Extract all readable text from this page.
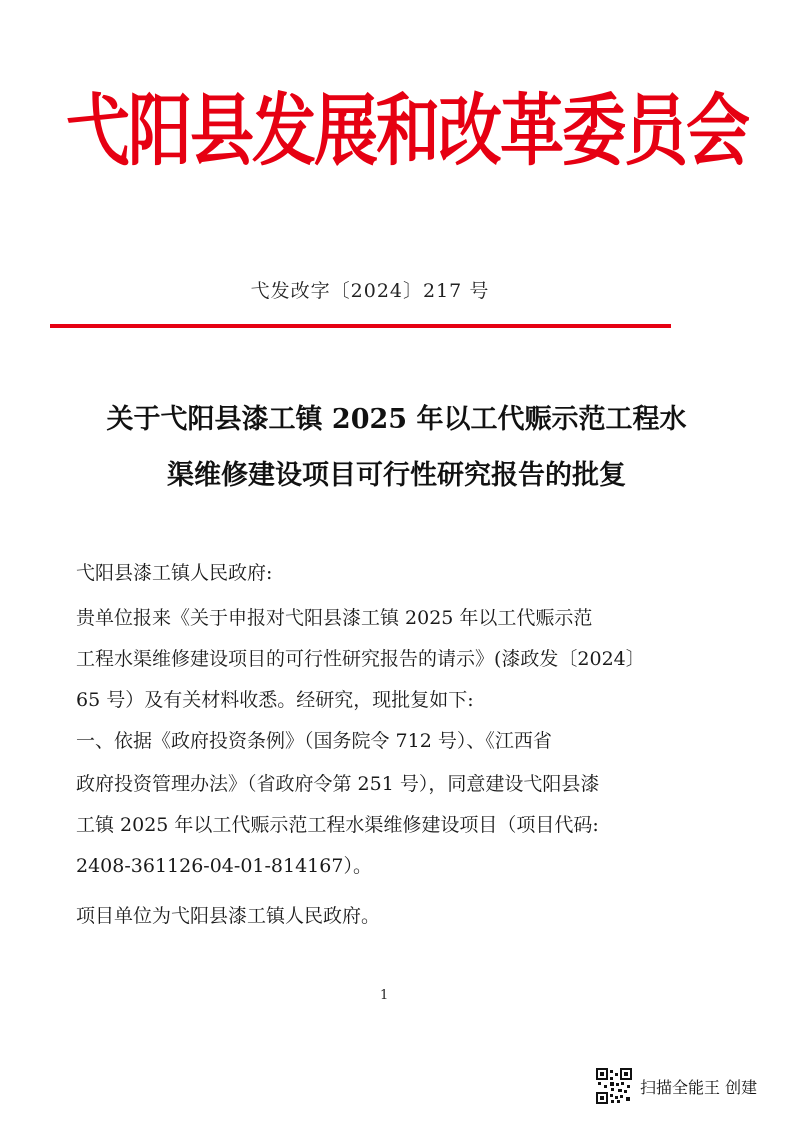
弋阳县发展和改革委员会
弋发改字〔2024〕217 号
关于弋阳县漆工镇 2025 年以工代赈示范工程水
渠维修建设项目可行性研究报告的批复
弋阳县漆工镇人民政府:
贵单位报来《关于申报对弋阳县漆工镇 2025 年以工代赈示范
工程水渠维修建设项目的可行性研究报告的请示》(漆政发〔2024〕
65 号）及有关材料收悉。经研究，现批复如下:
一、依据《政府投资条例》（国务院令 712 号）、《江西省
政府投资管理办法》（省政府令第 251 号），同意建设弋阳县漆
工镇 2025 年以工代赈示范工程水渠维修建设项目（项目代码:
2408-361126-04-01-814167）。
项目单位为弋阳县漆工镇人民政府。
1
扫描全能王 创建
